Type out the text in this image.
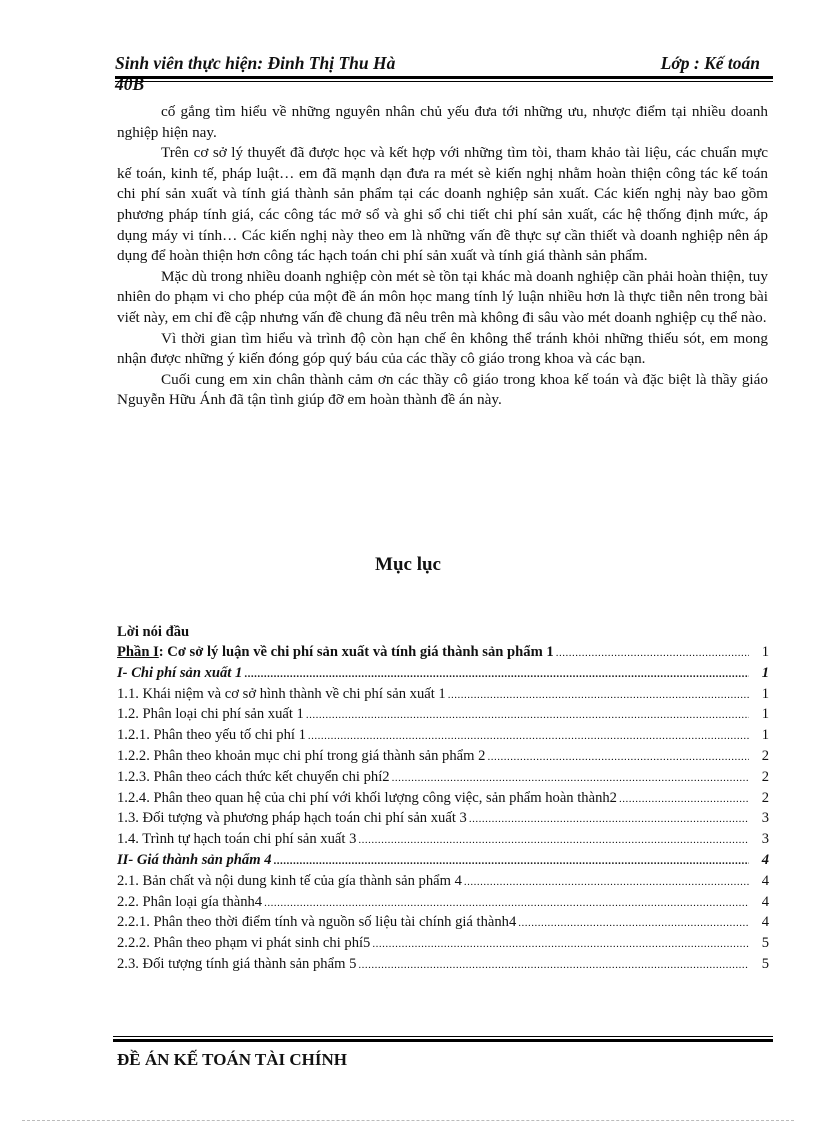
Sinh viên thực hiện: Đinh Thị Thu Hà	Lớp : Kế toán
40B

cố gắng tìm hiểu về những nguyên nhân chủ yếu đưa tới những ưu, nhược điểm tại nhiều doanh nghiệp hiện nay.

Trên cơ sở lý thuyết đã được học và kết hợp với những tìm tòi, tham khảo tài liệu, các chuẩn mực kế toán, kinh tế, pháp luật… em đã mạnh dạn đưa ra mét sè kiến nghị nhằm hoàn thiện công tác kế toán chi phí sản xuất và tính giá thành sản phẩm tại các doanh nghiệp sản xuất. Các kiến nghị này bao gồm phương pháp tính giá, các công tác mở sổ và ghi sổ chi tiết chi phí sản xuất, các hệ thống định mức, áp dụng máy vi tính… Các kiến nghị này theo em là những vấn đề thực sự cần thiết và doanh nghiệp nên áp dụng để hoàn thiện hơn công tác hạch toán chi phí sản xuất và tính giá thành sản phẩm.

Mặc dù trong nhiều doanh nghiệp còn mét sè tồn tại khác mà doanh nghiệp cần phải hoàn thiện, tuy nhiên do phạm vi cho phép của một đề án môn học mang tính lý luận nhiều hơn là thực tiễn nên trong bài viết này, em chỉ đề cập nhưng vấn đề chung đã nêu trên mà không đi sâu vào mét doanh nghiệp cụ thể nào.

Vì thời gian tìm hiểu và trình độ còn hạn chế ên không thể tránh khỏi những thiếu sót, em mong nhận được những ý kiến đóng góp quý báu của các thầy cô giáo trong khoa và các bạn.

Cuối cung em xin chân thành cảm ơn các thầy cô giáo trong khoa kế toán và đặc biệt là thầy giáo Nguyễn Hữu Ánh đã tận tình giúp đỡ em hoàn thành đề án này.

Mục lục
Lời nói đầu
Phần I: Cơ sở lý luận về chi phí sản xuất và tính giá thành sản phẩm 1 .....	1
I- Chi phí sản xuất 1 .....	1
1.1. Khái niệm và cơ sở hình thành về chi phí sản xuất 1 .....	1
1.2. Phân loại chi phí sản xuất 1 .....	1
1.2.1. Phân theo yếu tố chi phí 1 .....	1
1.2.2. Phân theo khoản mục chi phí trong giá thành sản phẩm 2 .....	2
1.2.3. Phân theo cách thức kết chuyển chi phí2 .....	2
1.2.4. Phân theo quan hệ của chi phí với khối lượng công việc, sản phẩm hoàn thành2 .....	2
1.3. Đối tượng và phương pháp hạch toán chi phí sản xuất 3 .....	3
1.4. Trình tự hạch toán chi phí sản xuất 3 .....	3
II- Giá thành sản phẩm 4 .....	4
2.1. Bản chất và nội dung kinh tế của gía thành sản phẩm 4 .....	4
2.2. Phân loại gía thành4 .....	4
2.2.1. Phân theo thời điểm tính và nguồn số liệu tài chính giá thành4 .....	4
2.2.2. Phân theo phạm vi phát sinh chi phí5 .....	5
2.3. Đối tượng tính giá thành sản phẩm 5 .....	5
ĐỀ ÁN KẾ TOÁN TÀI CHÍNH
